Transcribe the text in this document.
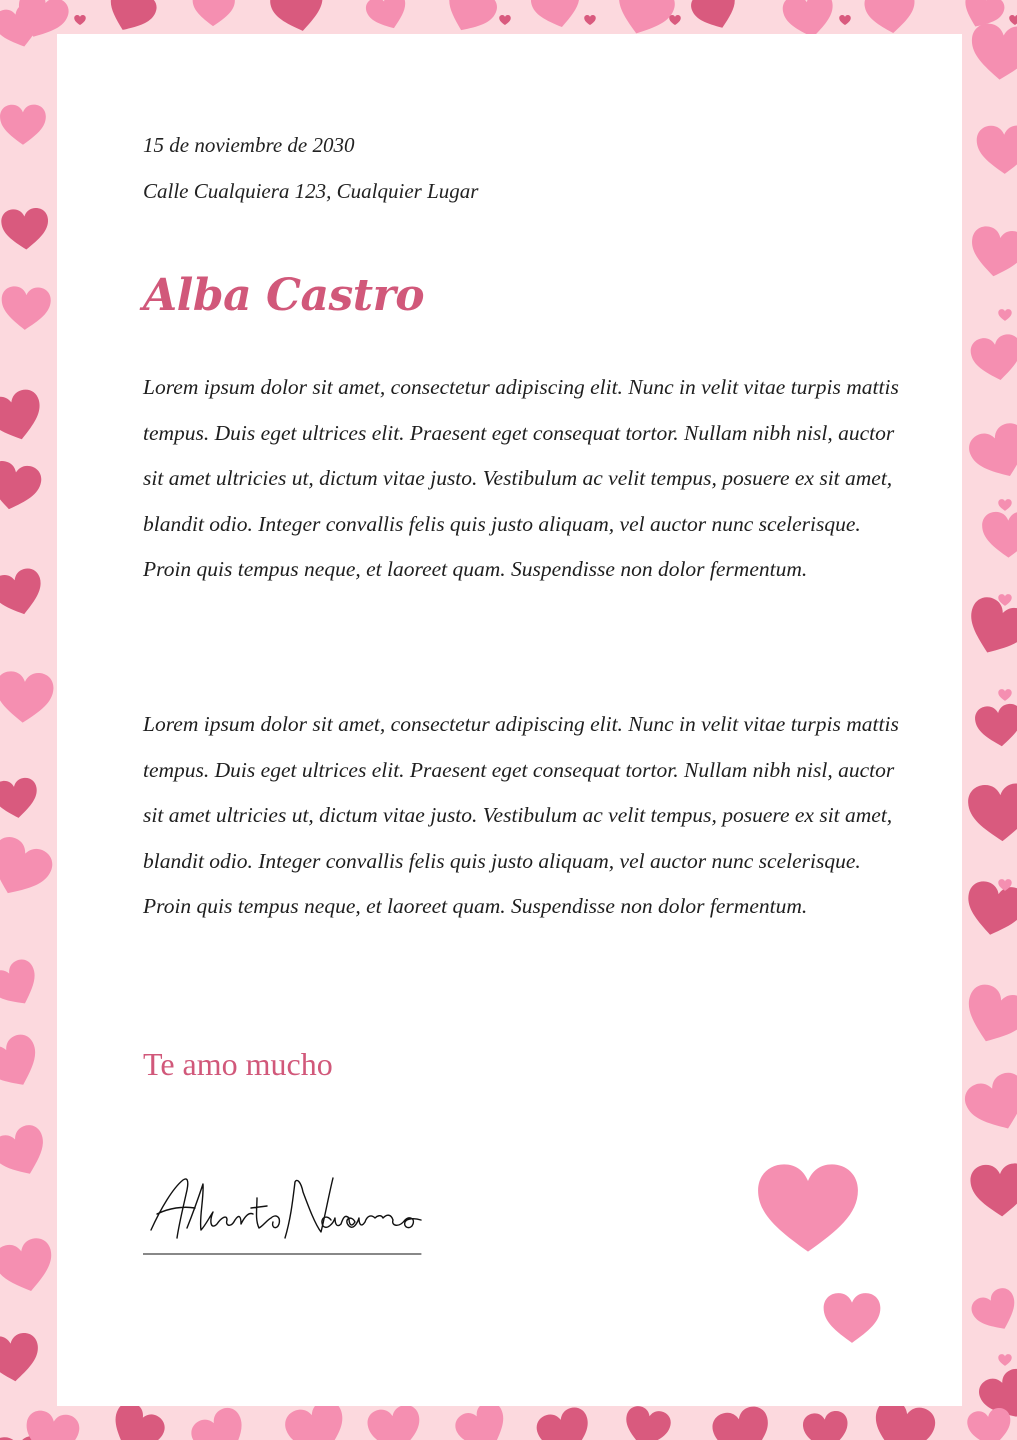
15 de noviembre de 2030
Calle Cualquiera 123, Cualquier Lugar
Alba Castro

Lorem ipsum dolor sit amet, consectetur adipiscing elit. Nunc in velit vitae turpis mattis tempus. Duis eget ultrices elit. Praesent eget consequat tortor. Nullam nibh nisl, auctor sit amet ultricies ut, dictum vitae justo. Vestibulum ac velit tempus, posuere ex sit amet, blandit odio. Integer convallis felis quis justo aliquam, vel auctor nunc scelerisque. Proin quis tempus neque, et laoreet quam. Suspendisse non dolor fermentum.

Lorem ipsum dolor sit amet, consectetur adipiscing elit. Nunc in velit vitae turpis mattis tempus. Duis eget ultrices elit. Praesent eget consequat tortor. Nullam nibh nisl, auctor sit amet ultricies ut, dictum vitae justo. Vestibulum ac velit tempus, posuere ex sit amet, blandit odio. Integer convallis felis quis justo aliquam, vel auctor nunc scelerisque. Proin quis tempus neque, et laoreet quam. Suspendisse non dolor fermentum.

Te amo mucho
